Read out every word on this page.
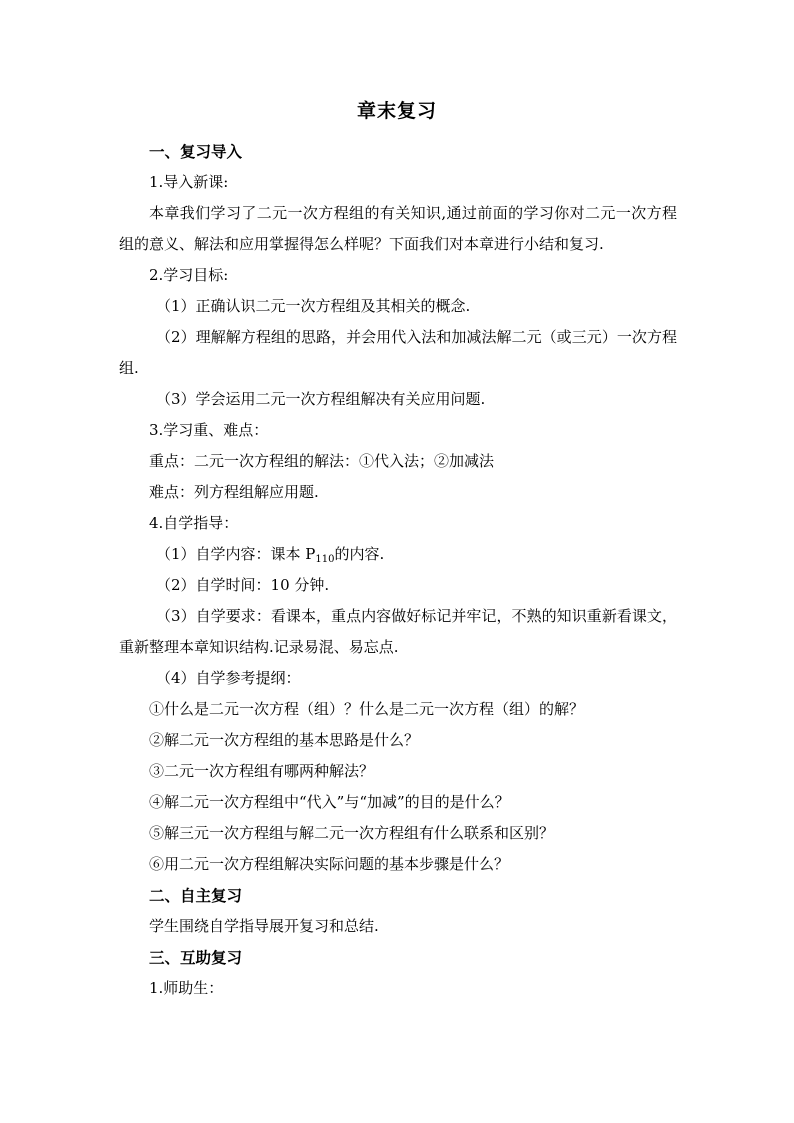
章末复习

一、复习导入

1.导入新课:

本章我们学习了二元一次方程组的有关知识,通过前面的学习你对二元一次方程组的意义、解法和应用掌握得怎么样呢？下面我们对本章进行小结和复习.

2.学习目标:

（1）正确认识二元一次方程组及其相关的概念.

（2）理解解方程组的思路，并会用代入法和加减法解二元（或三元）一次方程组.

（3）学会运用二元一次方程组解决有关应用问题.

3.学习重、难点：

重点：二元一次方程组的解法：①代入法；②加减法

难点：列方程组解应用题.

4.自学指导：

（1）自学内容：课本 $P_{110}$的内容.

（2）自学时间：10 分钟.

（3）自学要求：看课本，重点内容做好标记并牢记，不熟的知识重新看课文，重新整理本章知识结构.记录易混、易忘点.

（4）自学参考提纲：

①什么是二元一次方程（组）？什么是二元一次方程（组）的解？

②解二元一次方程组的基本思路是什么？

③二元一次方程组有哪两种解法？

④解二元一次方程组中“代入”与“加减”的目的是什么？

⑤解三元一次方程组与解二元一次方程组有什么联系和区别？

⑥用二元一次方程组解决实际问题的基本步骤是什么？

二、自主复习

学生围绕自学指导展开复习和总结.

三、互助复习

1.师助生：
